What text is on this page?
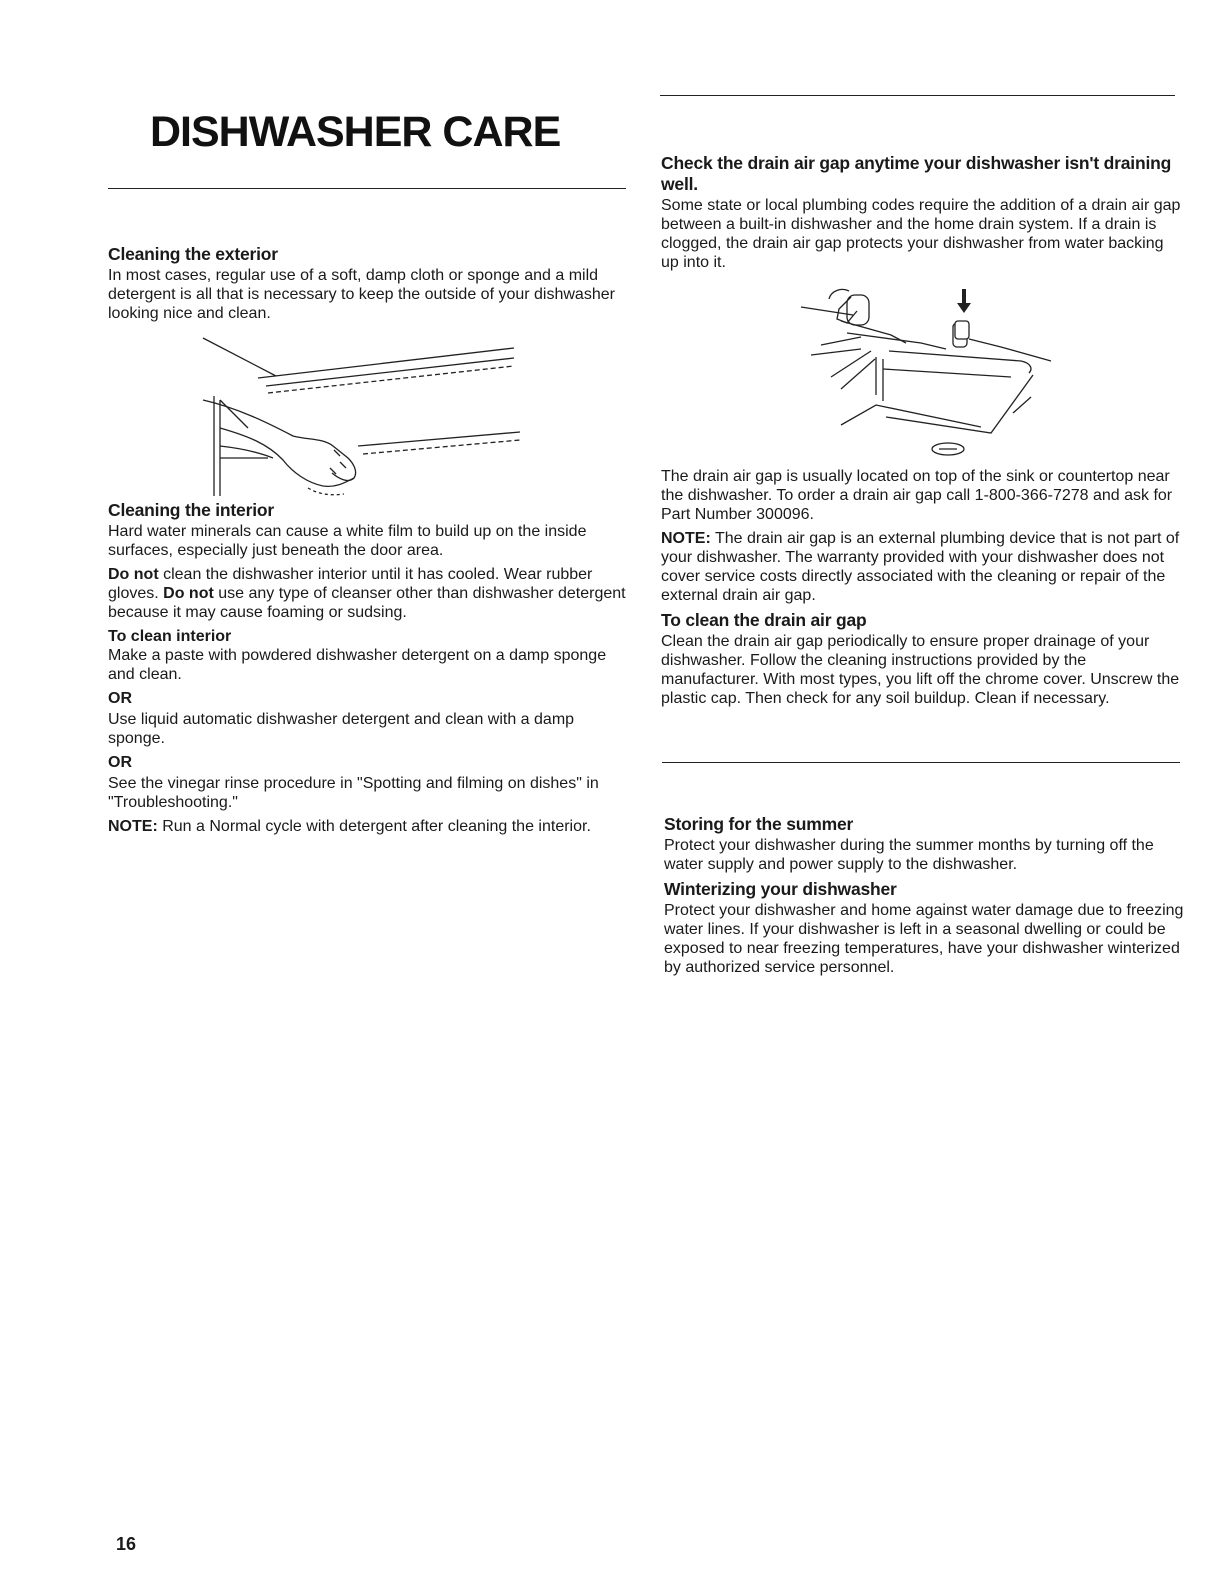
DISHWASHER CARE
Cleaning the exterior

In most cases, regular use of a soft, damp cloth or sponge and a mild detergent is all that is necessary to keep the outside of your dishwasher looking nice and clean.

Cleaning the interior

Hard water minerals can cause a white film to build up on the inside surfaces, especially just beneath the door area.

Do not clean the dishwasher interior until it has cooled. Wear rubber gloves. Do not use any type of cleanser other than dishwasher detergent because it may cause foaming or sudsing.

To clean interior

Make a paste with powdered dishwasher detergent on a damp sponge and clean.

OR

Use liquid automatic dishwasher detergent and clean with a damp sponge.

OR

See the vinegar rinse procedure in "Spotting and filming on dishes" in "Troubleshooting."

NOTE: Run a Normal cycle with detergent after cleaning the interior.

Check the drain air gap anytime your dishwasher isn't draining well.

Some state or local plumbing codes require the addition of a drain air gap between a built-in dishwasher and the home drain system. If a drain is clogged, the drain air gap protects your dishwasher from water backing up into it.

The drain air gap is usually located on top of the sink or countertop near the dishwasher. To order a drain air gap call 1-800-366-7278 and ask for Part Number 300096.

NOTE: The drain air gap is an external plumbing device that is not part of your dishwasher. The warranty provided with your dishwasher does not cover service costs directly associated with the cleaning or repair of the external drain air gap.

To clean the drain air gap

Clean the drain air gap periodically to ensure proper drainage of your dishwasher. Follow the cleaning instructions provided by the manufacturer. With most types, you lift off the chrome cover. Unscrew the plastic cap. Then check for any soil buildup. Clean if necessary.

Storing for the summer

Protect your dishwasher during the summer months by turning off the water supply and power supply to the dishwasher.

Winterizing your dishwasher

Protect your dishwasher and home against water damage due to freezing water lines. If your dishwasher is left in a seasonal dwelling or could be exposed to near freezing temperatures, have your dishwasher winterized by authorized service personnel.

16
